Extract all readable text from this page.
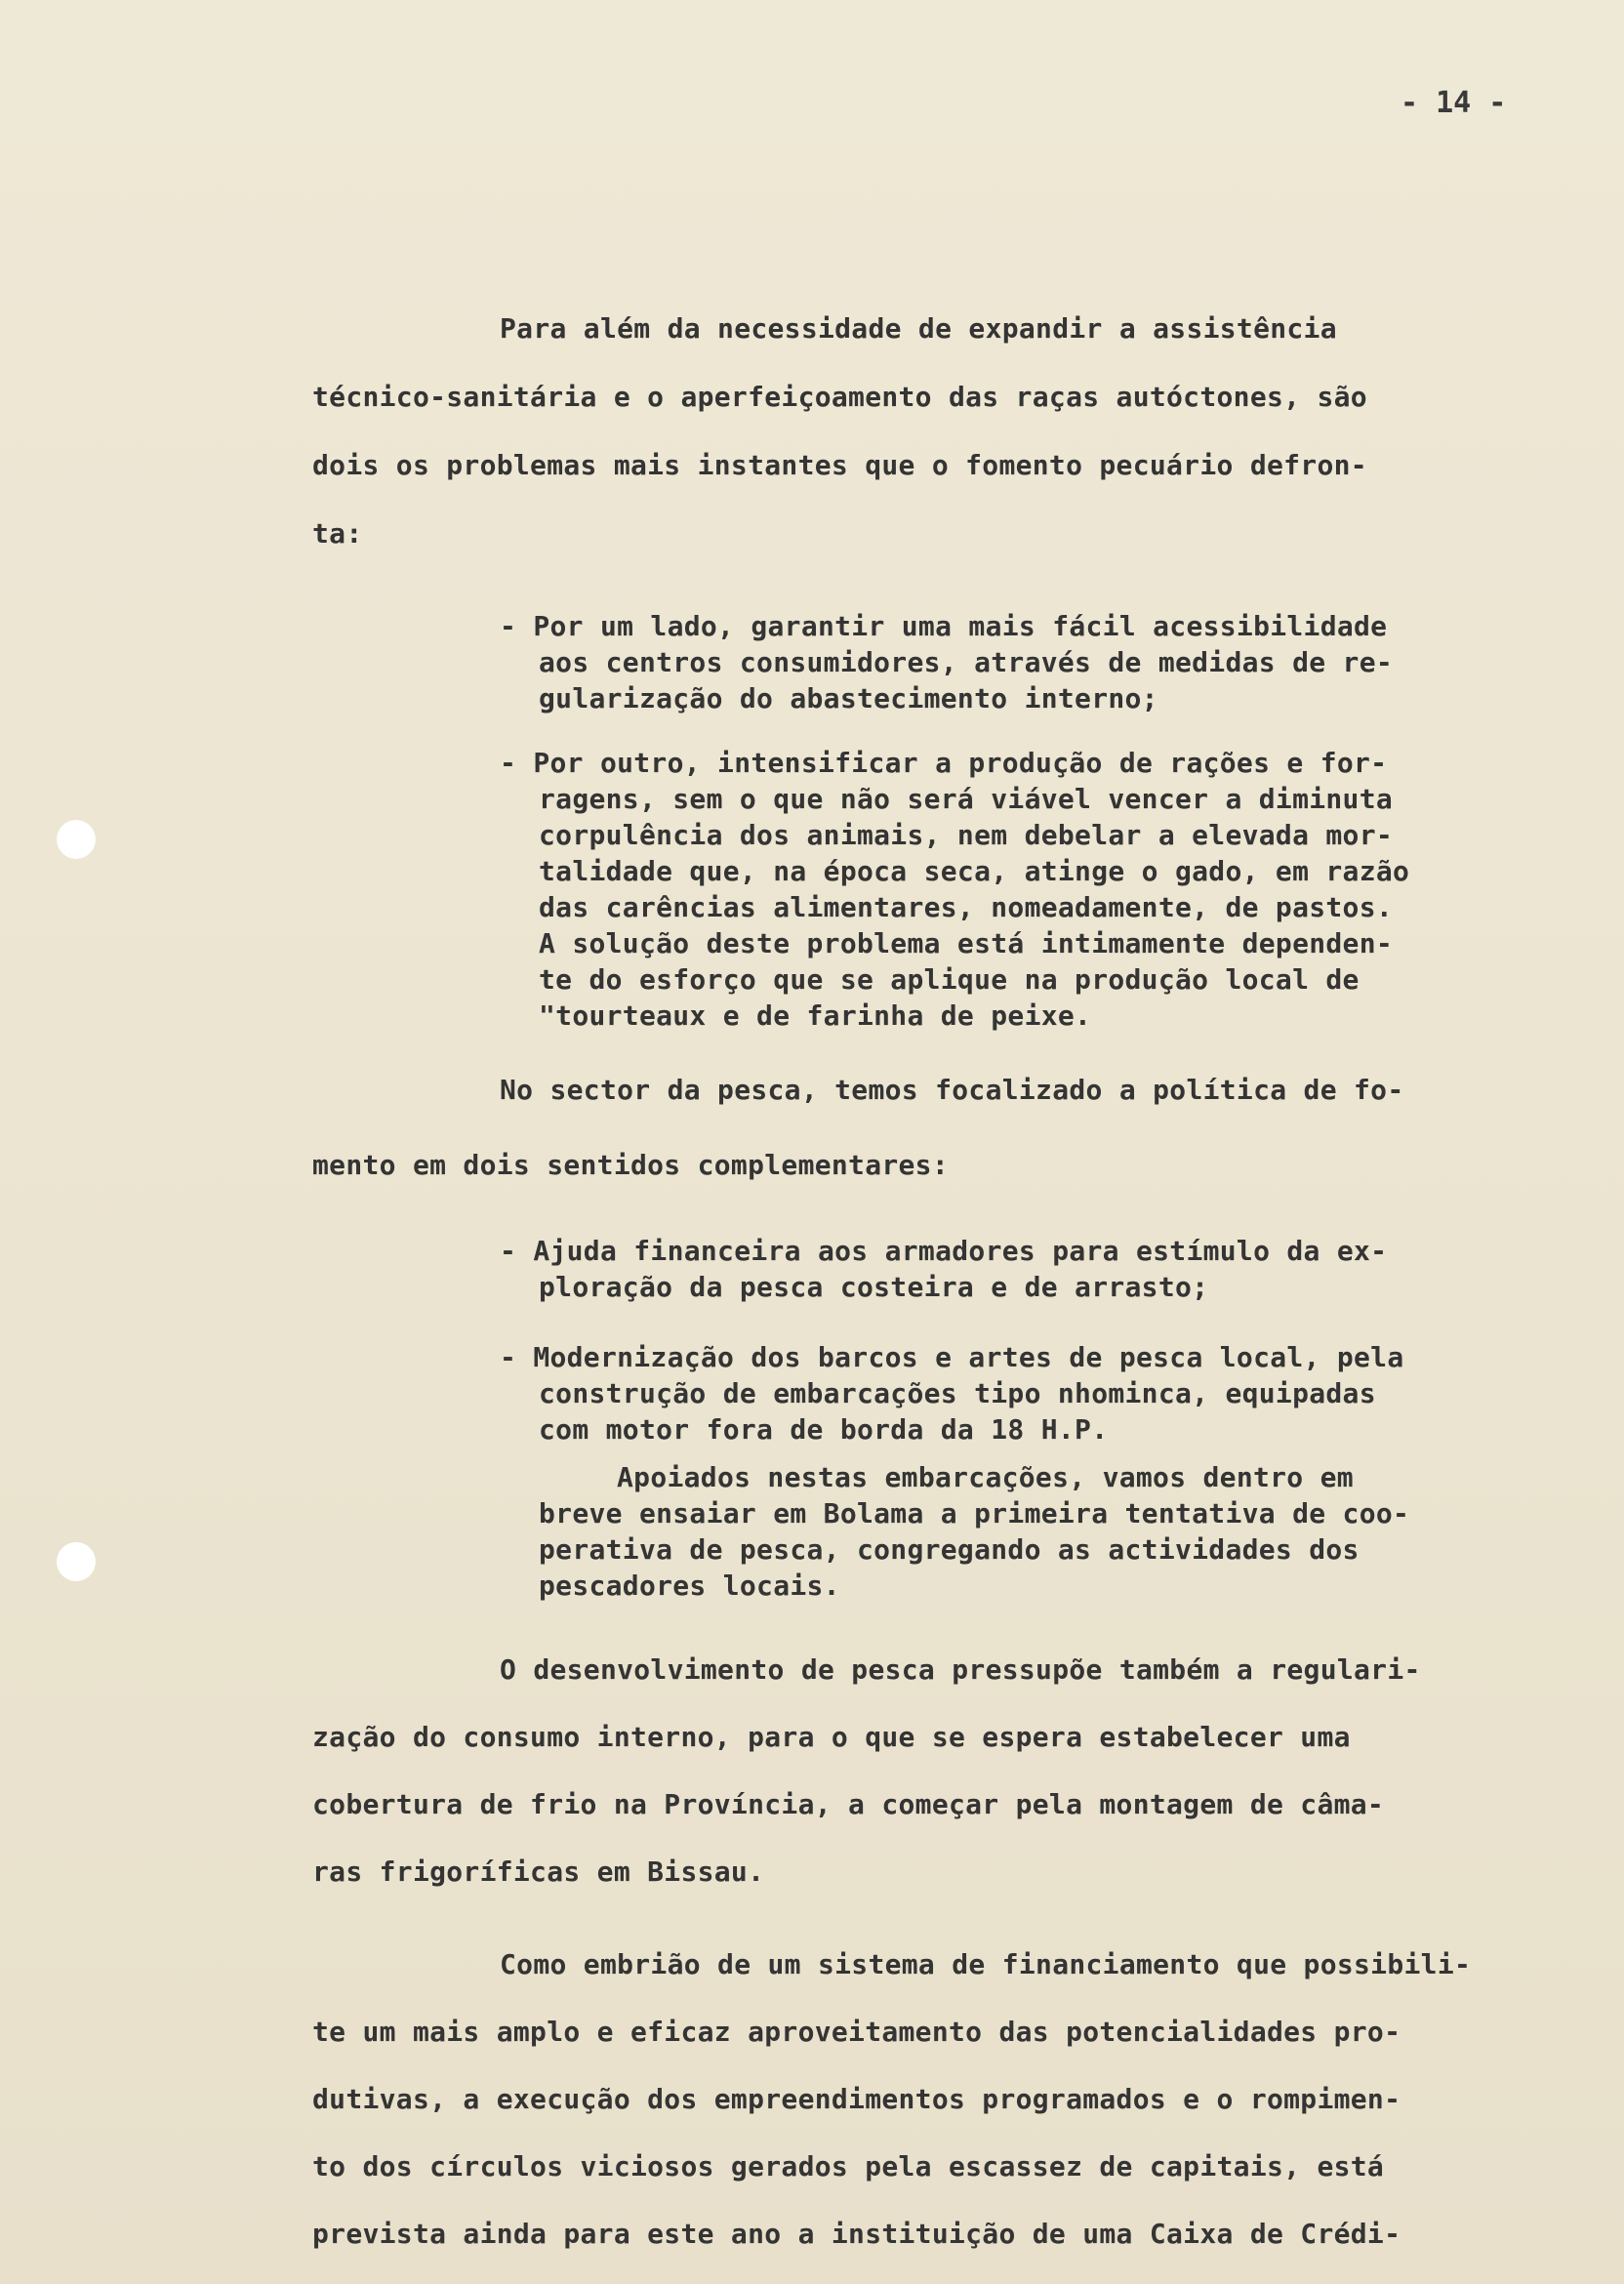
- 14 -
Para além da necessidade de expandir a assistência
técnico-sanitária e o aperfeiçoamento das raças autóctones, são
dois os problemas mais instantes que o fomento pecuário defron-
ta:
- Por um lado, garantir uma mais fácil acessibilidade
aos centros consumidores, através de medidas de re-
gularização do abastecimento interno;
- Por outro, intensificar a produção de rações e for-
ragens, sem o que não será viável vencer a diminuta
corpulência dos animais, nem debelar a elevada mor-
talidade que, na época seca, atinge o gado, em razão
das carências alimentares, nomeadamente, de pastos.
A solução deste problema está intimamente dependen-
te do esforço que se aplique na produção local de
"tourteaux e de farinha de peixe.
No sector da pesca, temos focalizado a política de fo-
mento em dois sentidos complementares:
- Ajuda financeira aos armadores para estímulo da ex-
ploração da pesca costeira e de arrasto;
- Modernização dos barcos e artes de pesca local, pela
construção de embarcações tipo nhominca, equipadas
com motor fora de borda da 18 H.P.
Apoiados nestas embarcações, vamos dentro em
breve ensaiar em Bolama a primeira tentativa de coo-
perativa de pesca, congregando as actividades dos
pescadores locais.
O desenvolvimento de pesca pressupõe também a regulari-
zação do consumo interno, para o que se espera estabelecer uma
cobertura de frio na Província, a começar pela montagem de câma-
ras frigoríficas em Bissau.
Como embrião de um sistema de financiamento que possibili-
te um mais amplo e eficaz aproveitamento das potencialidades pro-
dutivas, a execução dos empreendimentos programados e o rompimen-
to dos círculos viciosos gerados pela escassez de capitais, está
prevista ainda para este ano a instituição de uma Caixa de Crédi-
